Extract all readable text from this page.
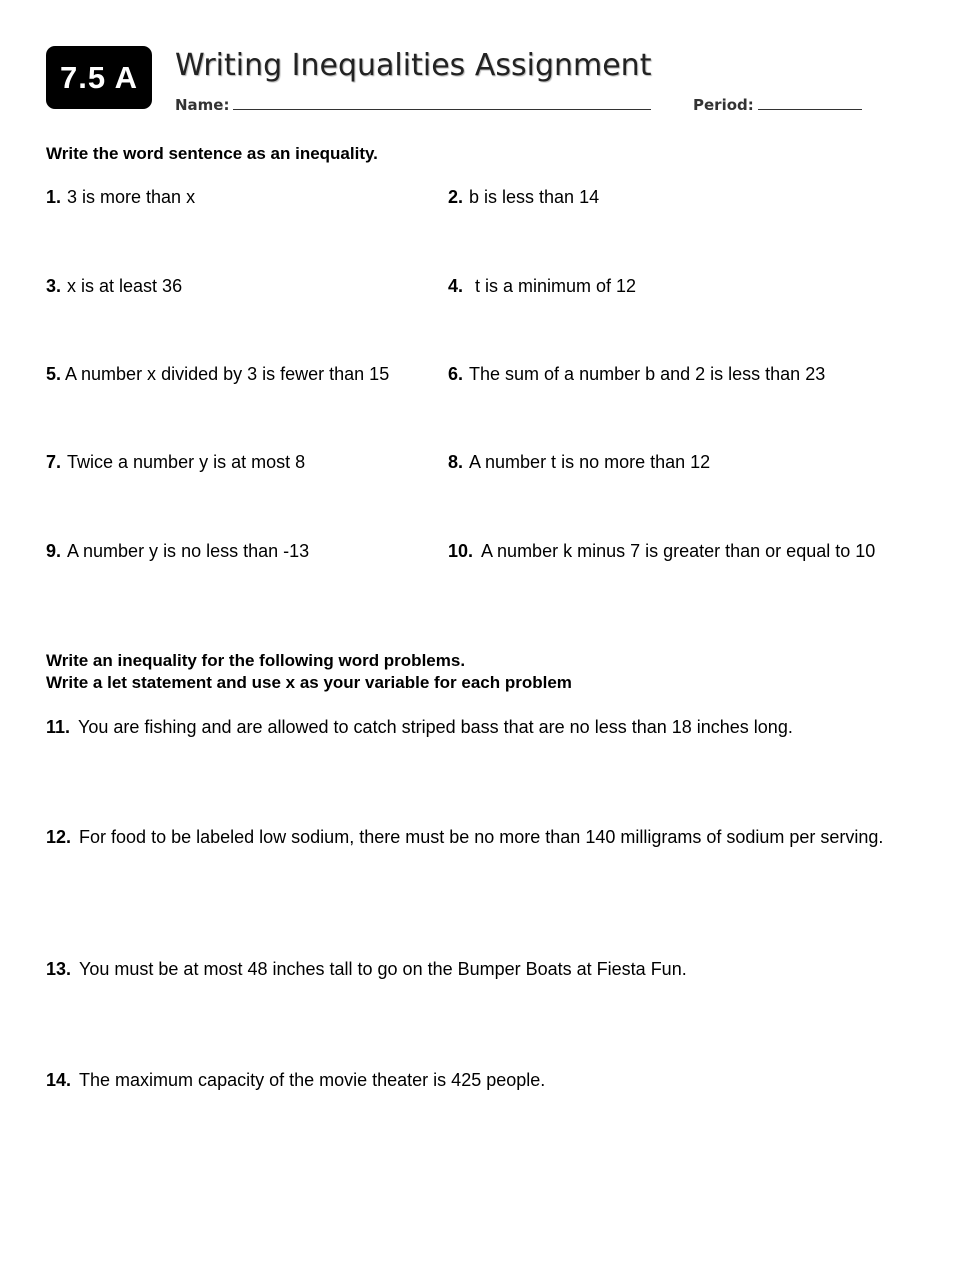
7.5 A	Writing Inequalities Assignment
Name:	Period:
Write the word sentence as an inequality.
1. 3 is more than x	2. b is less than 14
3. x is at least 36	4. t is a minimum of 12
5. A number x divided by 3 is fewer than 15	6. The sum of a number b and 2 is less than 23
7. Twice a number y is at most 8	8. A number t is no more than 12
9. A number y is no less than -13	10. A number k minus 7 is greater than or equal to 10
Write an inequality for the following word problems.
Write a let statement and use x as your variable for each problem
11. You are fishing and are allowed to catch striped bass that are no less than 18 inches long.
12. For food to be labeled low sodium, there must be no more than 140 milligrams of sodium per serving.
13. You must be at most 48 inches tall to go on the Bumper Boats at Fiesta Fun.
14. The maximum capacity of the movie theater is 425 people.
